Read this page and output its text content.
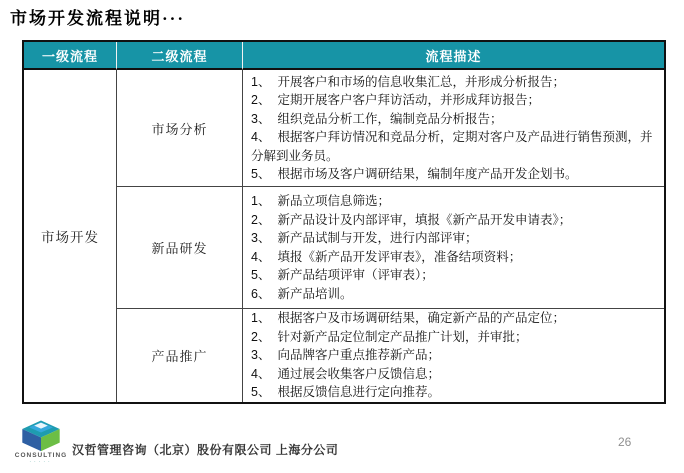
市场开发流程说明···
一级流程	二级流程	流程描述
市场开发
市场分析
1、 开展客户和市场的信息收集汇总，并形成分析报告；
2、 定期开展客户客户拜访活动，并形成拜访报告；
3、 组织竞品分析工作，编制竞品分析报告；
4、 根据客户拜访情况和竞品分析，定期对客户及产品进行销售预测，并分解到业务员。
5、 根据市场及客户调研结果，编制年度产品开发企划书。
新品研发
1、 新品立项信息筛选；
2、 新产品设计及内部评审，填报《新产品开发申请表》；
3、 新产品试制与开发，进行内部评审；
4、 填报《新产品开发评审表》，准备结项资料；
5、 新产品结项评审（评审表）；
6、 新产品培训。
产品推广
1、 根据客户及市场调研结果，确定新产品的产品定位；
2、 针对新产品定位制定产品推广计划，并审批；
3、 向品牌客户重点推荐新产品；
4、 通过展会收集客户反馈信息；
5、 根据反馈信息进行定向推荐。
CONSULTING
·····
汉哲管理咨询（北京）股份有限公司 上海分公司
26
